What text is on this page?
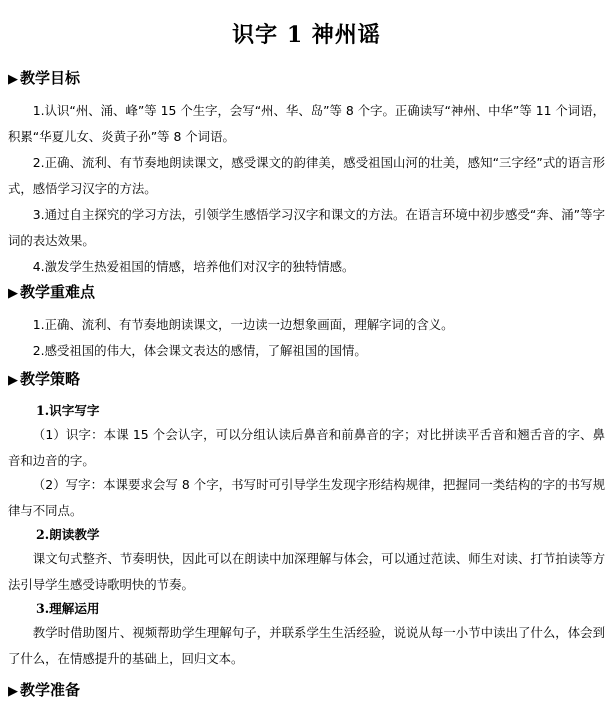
识字 1 神州谣
▶ 教学目标
1.认识“州、涌、峰”等 15 个生字，会写“州、华、岛”等 8 个字。正确读写“神州、中华”等 11 个词语，积累“华夏儿女、炎黄子孙”等 8 个词语。
2.正确、流利、有节奏地朗读课文，感受课文的韵律美，感受祖国山河的壮美，感知“三字经”式的语言形式，感悟学习汉字的方法。
3.通过自主探究的学习方法，引领学生感悟学习汉字和课文的方法。在语言环境中初步感受“奔、涌”等字词的表达效果。
4.激发学生热爱祖国的情感，培养他们对汉字的独特情感。
▶ 教学重难点
1.正确、流利、有节奏地朗读课文，一边读一边想象画面，理解字词的含义。
2.感受祖国的伟大，体会课文表达的感情，了解祖国的国情。
▶ 教学策略
1.识字写字
（1）识字：本课 15 个会认字，可以分组认读后鼻音和前鼻音的字；对比拼读平舌音和翘舌音的字、鼻音和边音的字。
（2）写字：本课要求会写 8 个字，书写时可引导学生发现字形结构规律，把握同一类结构的字的书写规律与不同点。
2.朗读教学
课文句式整齐、节奏明快，因此可以在朗读中加深理解与体会，可以通过范读、师生对读、打节拍读等方法引导学生感受诗歌明快的节奏。
3.理解运用
教学时借助图片、视频帮助学生理解句子，并联系学生生活经验，说说从每一小节中读出了什么，体会到了什么，在情感提升的基础上，回归文本。
▶ 教学准备
